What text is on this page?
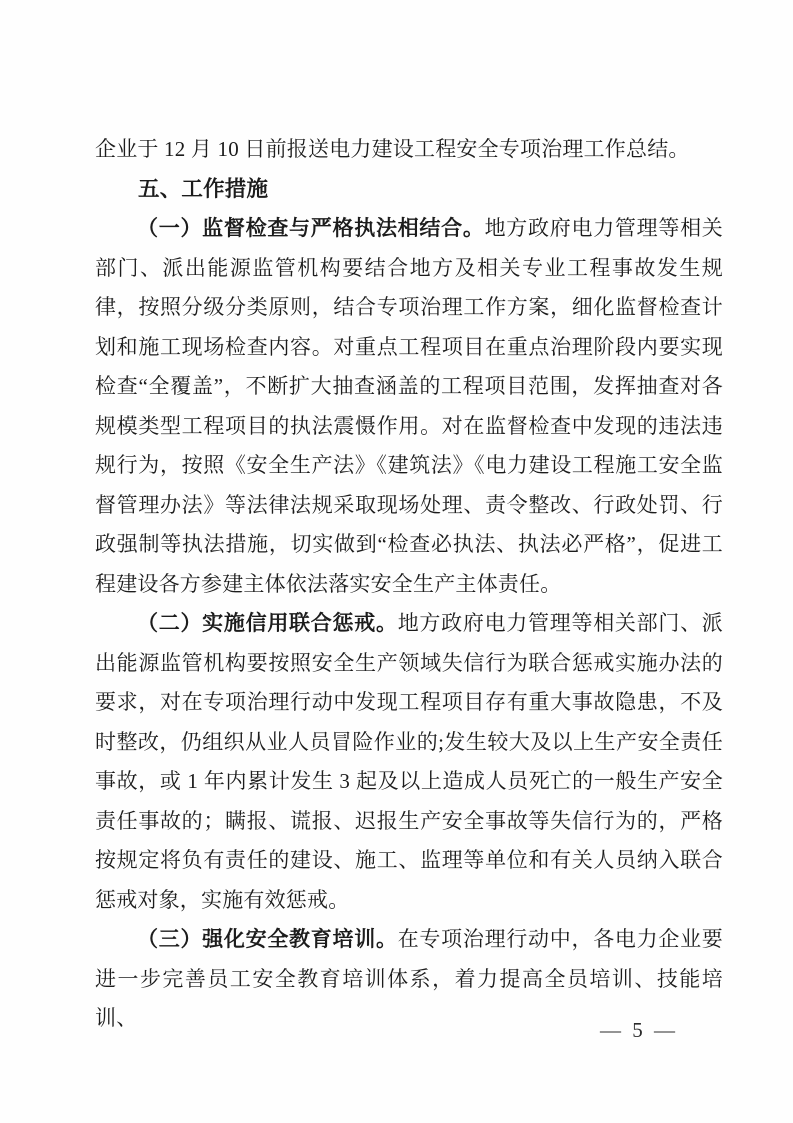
企业于 12 月 10 日前报送电力建设工程安全专项治理工作总结。

五、工作措施

（一）监督检查与严格执法相结合。地方政府电力管理等相关部门、派出能源监管机构要结合地方及相关专业工程事故发生规律，按照分级分类原则，结合专项治理工作方案，细化监督检查计划和施工现场检查内容。对重点工程项目在重点治理阶段内要实现检查“全覆盖”，不断扩大抽查涵盖的工程项目范围，发挥抽查对各规模类型工程项目的执法震慑作用。对在监督检查中发现的违法违规行为，按照《安全生产法》《建筑法》《电力建设工程施工安全监督管理办法》等法律法规采取现场处理、责令整改、行政处罚、行政强制等执法措施，切实做到“检查必执法、执法必严格”，促进工程建设各方参建主体依法落实安全生产主体责任。

（二）实施信用联合惩戒。地方政府电力管理等相关部门、派出能源监管机构要按照安全生产领域失信行为联合惩戒实施办法的要求，对在专项治理行动中发现工程项目存有重大事故隐患，不及时整改，仍组织从业人员冒险作业的;发生较大及以上生产安全责任事故，或 1 年内累计发生 3 起及以上造成人员死亡的一般生产安全责任事故的；瞒报、谎报、迟报生产安全事故等失信行为的，严格按规定将负有责任的建设、施工、监理等单位和有关人员纳入联合惩戒对象，实施有效惩戒。

（三）强化安全教育培训。在专项治理行动中，各电力企业要进一步完善员工安全教育培训体系，着力提高全员培训、技能培训、	— 5 —
